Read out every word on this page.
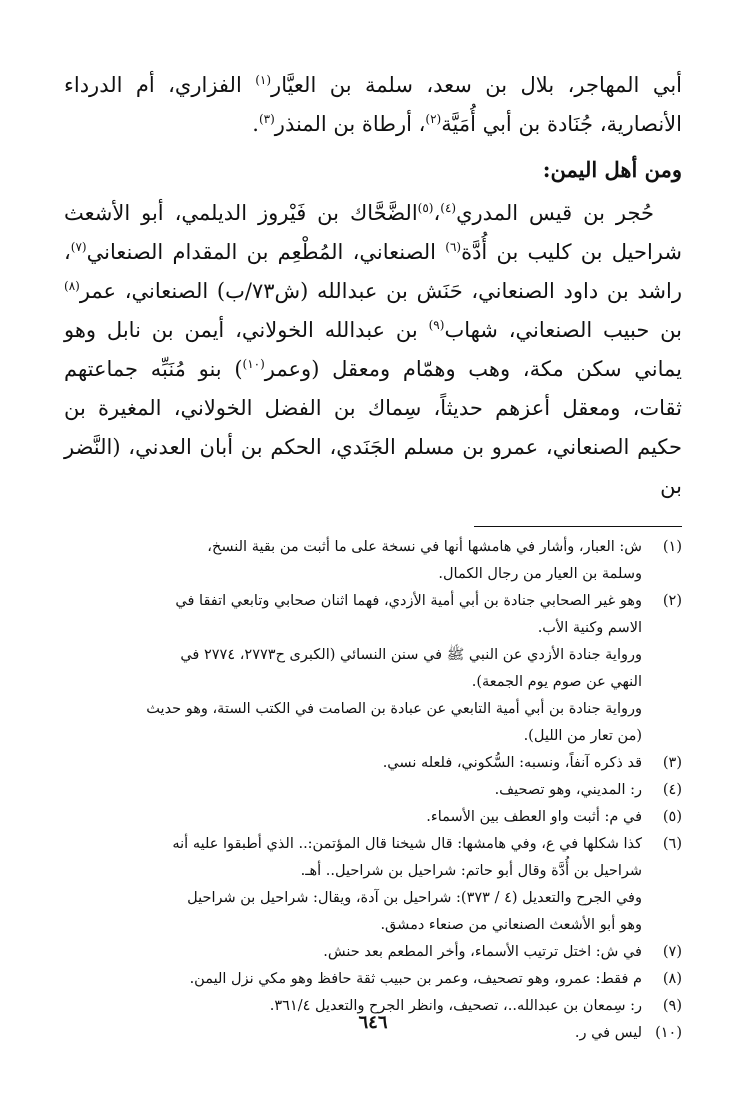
أبي المهاجر، بلال بن سعد، سلمة بن العيَّار$^{(١)}$ الفزاري، أم الدرداء الأنصارية، جُنَادة بن أبي أُمَيَّة$^{(٢)}$، أرطاة بن المنذر$^{(٣)}$.

ومن أهل اليمن:

حُجر بن قيس المدري$^{(٤)}$،$^{(٥)}$الضَّحَّاك بن فَيْروز الديلمي، أبو الأشعث شراحيل بن كليب بن أُدَّة$^{(٦)}$ الصنعاني، المُطْعِم بن المقدام الصنعاني$^{(٧)}$، راشد بن داود الصنعاني، حَنَش بن عبدالله (ش٧٣/ب) الصنعاني، عمر$^{(٨)}$ بن حبيب الصنعاني، شهاب$^{(٩)}$ بن عبدالله الخولاني، أيمن بن نابل وهو يماني سكن مكة، وهب وهمّام ومعقل (وعمر$^{(١٠)}$) بنو مُنَبِّه جماعتهم ثقات، ومعقل أعزهم حديثاً، سِماك بن الفضل الخولاني، المغيرة بن حكيم الصنعاني، عمرو بن مسلم الجَنَدي، الحكم بن أبان العدني، (النَّضر بن

(١)
ش: العبار، وأشار في هامشها أنها في نسخة على ما أثبت من بقية النسخ،
وسلمة بن العيار من رجال الكمال.
(٢)
وهو غير الصحابي جنادة بن أبي أمية الأزدي، فهما اثنان صحابي وتابعي اتفقا في
الاسم وكنية الأب.
ورواية جنادة الأزدي عن النبي ﷺ في سنن النسائي (الكبرى ح٢٧٧٣، ٢٧٧٤ في
النهي عن صوم يوم الجمعة).
ورواية جنادة بن أبي أمية التابعي عن عبادة بن الصامت في الكتب الستة، وهو حديث
(من تعار من الليل).
(٣)
قد ذكره آنفاً، ونسبه: السُّكوني، فلعله نسي.
(٤)
ر: المديني، وهو تصحيف.
(٥)
في م: أثبت واو العطف بين الأسماء.
(٦)
كذا شكلها في ع، وفي هامشها: قال شيخنا قال المؤتمن:.. الذي أطبقوا عليه أنه
شراحيل بن أُدَّة وقال أبو حاتم: شراحيل بن شراحيل.. أهـ.
وفي الجرح والتعديل (٤ / ٣٧٣): شراحيل بن آدة، ويقال: شراحيل بن شراحيل
وهو أبو الأشعث الصنعاني من صنعاء دمشق.
(٧)
في ش: اختل ترتيب الأسماء، وأخر المطعم بعد حنش.
(٨)
م فقط: عمرو، وهو تصحيف، وعمر بن حبيب ثقة حافظ وهو مكي نزل اليمن.
(٩)
ر: سِمعان بن عبدالله..، تصحيف، وانظر الجرح والتعديل ٣٦١/٤.
(١٠)
ليس في ر.
٦٤٦
